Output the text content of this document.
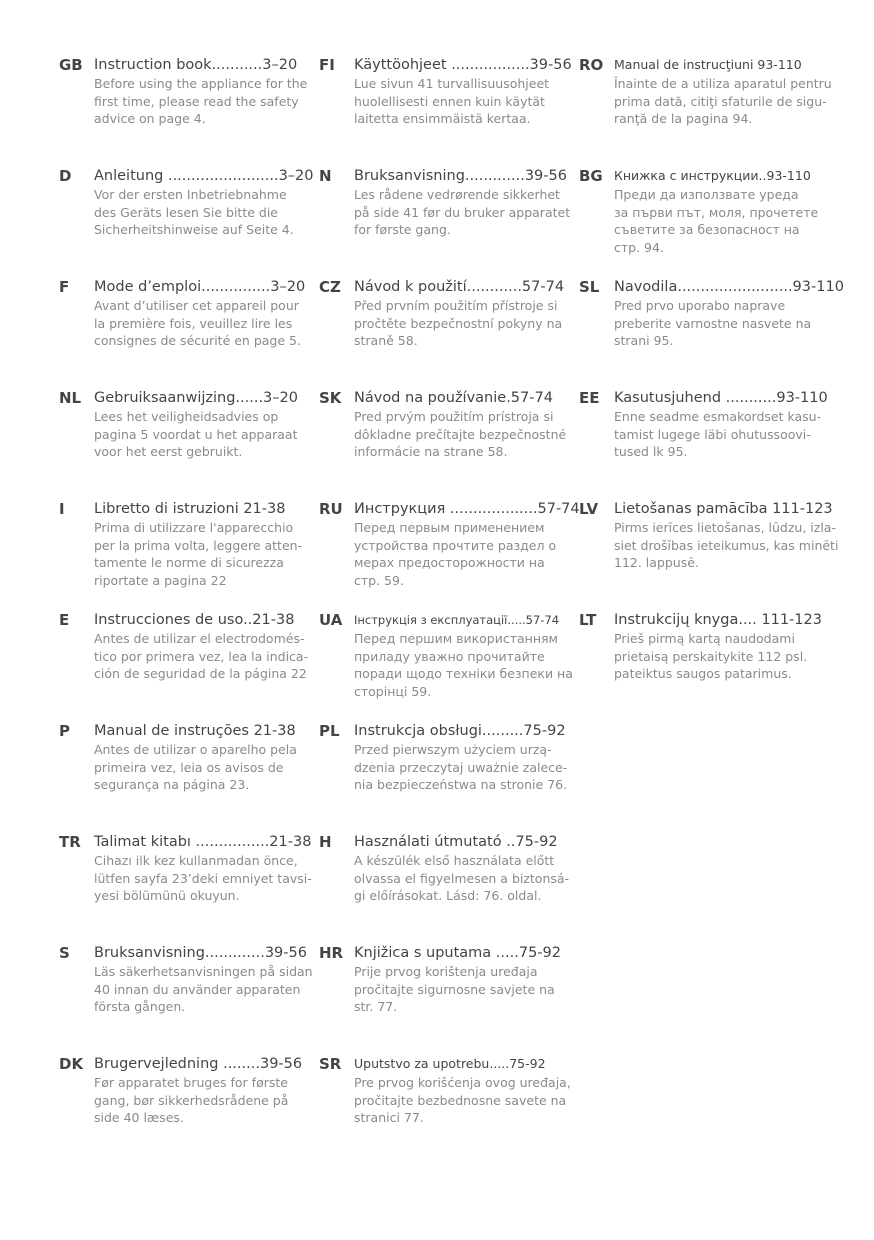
GB Instruction book...........3–20
Before using the appliance for the
first time, please read the safety
advice on page 4.
D Anleitung ........................3–20
Vor der ersten Inbetriebnahme
des Geräts lesen Sie bitte die
Sicherheitshinweise auf Seite 4.
F Mode d’emploi...............3–20
Avant d’utiliser cet appareil pour
la première fois, veuillez lire les
consignes de sécurité en page 5.
NL Gebruiksaanwijzing......3–20
Lees het veiligheidsadvies op
pagina 5 voordat u het apparaat
voor het eerst gebruikt.
I Libretto di istruzioni 21-38
Prima di utilizzare l'apparecchio
per la prima volta, leggere atten-
tamente le norme di sicurezza
riportate a pagina 22
E Instrucciones de uso..21-38
Antes de utilizar el electrodomés-
tico por primera vez, lea la indica-
ción de seguridad de la página 22
P Manual de instruções 21-38
Antes de utilizar o aparelho pela
primeira vez, leia os avisos de
segurança na página 23.
TR Talimat kitabı ................21-38
Cihazı ilk kez kullanmadan önce,
lütfen sayfa 23’deki emniyet tavsi-
yesi bölümünü okuyun.
S Bruksanvisning.............39-56
Läs säkerhetsanvisningen på sidan
40 innan du använder apparaten
första gången.
DK Brugervejledning ........39-56
Før apparatet bruges for første
gang, bør sikkerhedsrådene på
side 40 læses.
FI Käyttöohjeet .................39-56
Lue sivun 41 turvallisuusohjeet
huolellisesti ennen kuin käytät
laitetta ensimmäistä kertaa.
N Bruksanvisning.............39-56
Les rådene vedrørende sikkerhet
på side 41 før du bruker apparatet
for første gang.
CZ Návod k použití............57-74
Před prvním použitím přístroje si
pročtěte bezpečnostní pokyny na
straně 58.
SK Návod na používanie.57-74
Pred prvým použitím prístroja si
dôkladne prečítajte bezpečnostné
informácie na strane 58.
RU Инструкция ...................57-74
Перед первым применением
устройства прочтите раздел о
мерах предосторожности на
стр. 59.
UA Інструкція з експлуатації.....57-74
Перед першим використанням
приладу уважно прочитайте
поради щодо техніки безпеки на
сторінці 59.
PL Instrukcja obsługi.........75-92
Przed pierwszym użyciem urzą-
dzenia przeczytaj uważnie zalece-
nia bezpieczeństwa na stronie 76.
H Használati útmutató ..75-92
A készülék első használata előtt
olvassa el figyelmesen a biztonsá-
gi előírásokat. Lásd: 76. oldal.
HR Knjižica s uputama .....75-92
Prije prvog korištenja uređaja
pročitajte sigurnosne savjete na
str. 77.
SR Uputstvo za upotrebu.....75-92
Pre prvog korišćenja ovog uređaja,
pročitajte bezbednosne savete na
stranici 77.
RO Manual de instrucţiuni 93-110
Înainte de a utiliza aparatul pentru
prima dată, citiţi sfaturile de sigu-
ranţă de la pagina 94.
BG Книжка с инструкции..93-110
Преди да използвате уреда
за първи път, моля, прочетете
съветите за безопасност на
стр. 94.
SL Navodila.........................93-110
Pred prvo uporabo naprave
preberite varnostne nasvete na
strani 95.
EE Kasutusjuhend ...........93-110
Enne seadme esmakordset kasu-
tamist lugege läbi ohutussoovi-
tused lk 95.
LV Lietošanas pamācība 111-123
Pirms ierīces lietošanas, lūdzu, izla-
siet drošības ieteikumus, kas minēti
112. lappusē.
LT Instrukcijų knyga.... 111-123
Prieš pirmą kartą naudodami
prietaisą perskaitykite 112 psl.
pateiktus saugos patarimus.
